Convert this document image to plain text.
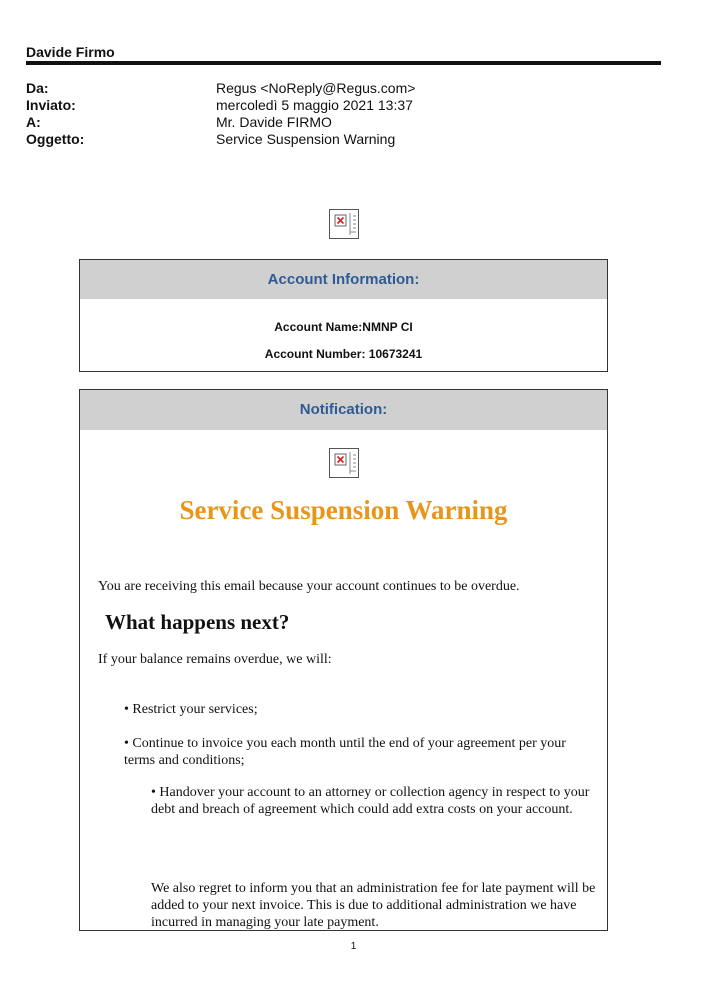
Davide Firmo
Da:	Regus <NoReply@Regus.com>
Inviato:	mercoledì 5 maggio 2021 13:37
A:	Mr. Davide FIRMO
Oggetto:	Service Suspension Warning
Account Information:
Account Name:NMNP CI
Account Number: 10673241
Notification:
Service Suspension Warning
You are receiving this email because your account continues to be overdue.
What happens next?
If your balance remains overdue, we will:
• Restrict your services;
• Continue to invoice you each month until the end of your agreement per your terms and conditions;
• Handover your account to an attorney or collection agency in respect to your debt and breach of agreement which could add extra costs on your account.
We also regret to inform you that an administration fee for late payment will be added to your next invoice. This is due to additional administration we have incurred in managing your late payment.
1
